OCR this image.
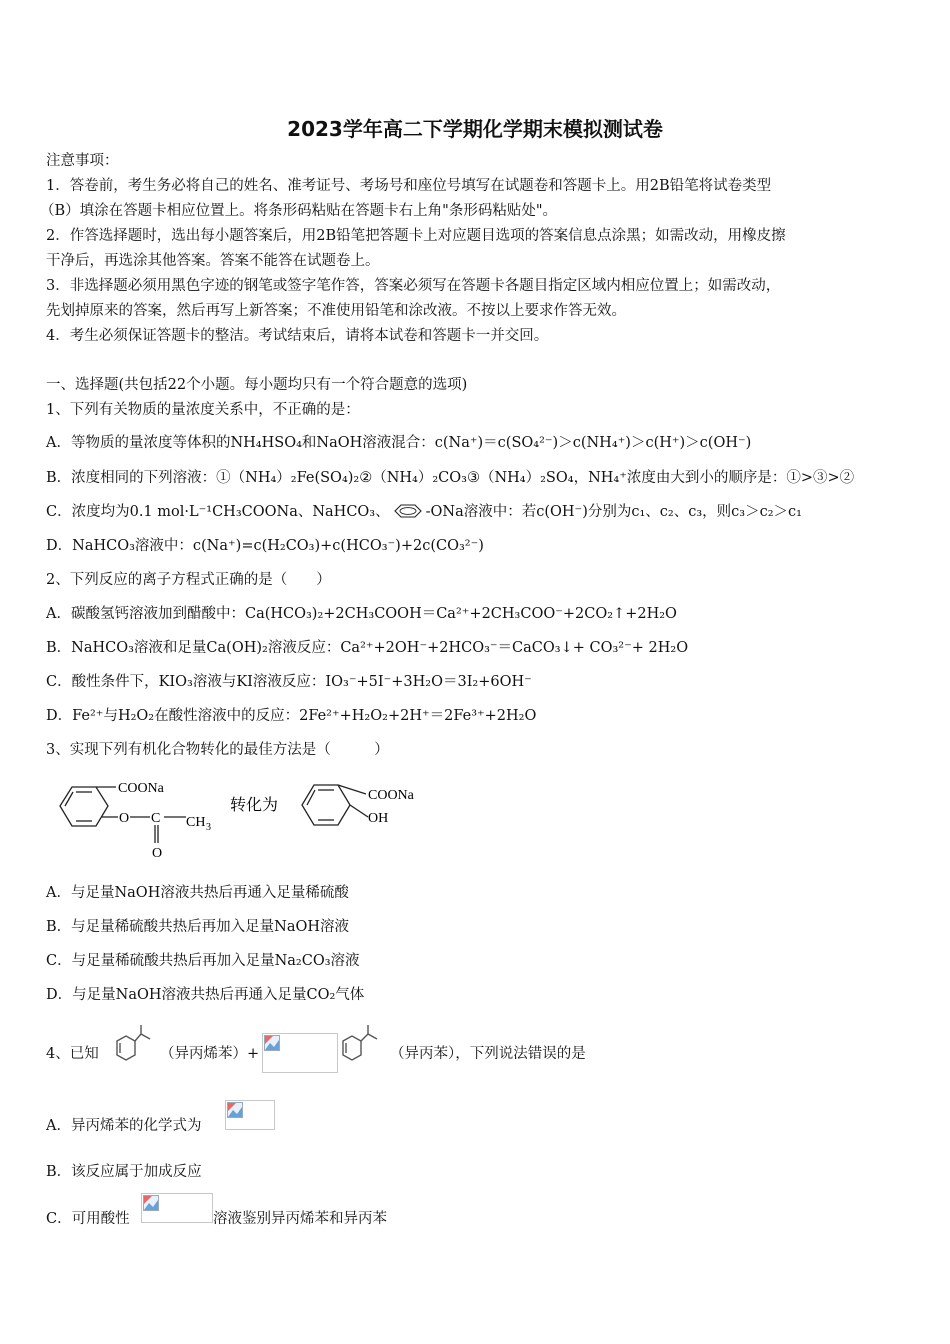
2023学年高二下学期化学期末模拟测试卷
注意事项：
1．答卷前，考生务必将自己的姓名、准考证号、考场号和座位号填写在试题卷和答题卡上。用2B铅笔将试卷类型
（B）填涂在答题卡相应位置上。将条形码粘贴在答题卡右上角"条形码粘贴处"。
2．作答选择题时，选出每小题答案后，用2B铅笔把答题卡上对应题目选项的答案信息点涂黑；如需改动，用橡皮擦
干净后，再选涂其他答案。答案不能答在试题卷上。
3．非选择题必须用黑色字迹的钢笔或签字笔作答，答案必须写在答题卡各题目指定区域内相应位置上；如需改动，
先划掉原来的答案，然后再写上新答案；不准使用铅笔和涂改液。不按以上要求作答无效。
4．考生必须保证答题卡的整洁。考试结束后，请将本试卷和答题卡一并交回。
一、选择题(共包括22个小题。每小题均只有一个符合题意的选项)
1、下列有关物质的量浓度关系中，不正确的是：
A．等物质的量浓度等体积的NH₄HSO₄和NaOH溶液混合：c(Na⁺)＝c(SO₄²⁻)＞c(NH₄⁺)＞c(H⁺)＞c(OH⁻)
B．浓度相同的下列溶液：①（NH₄）₂Fe(SO₄)₂②（NH₄）₂CO₃③（NH₄）₂SO₄，NH₄⁺浓度由大到小的顺序是：①>③>②
C．浓度均为0.1 mol·L⁻¹CH₃COONa、NaHCO₃、 -ONa溶液中：若c(OH⁻)分别为c₁、c₂、c₃，则c₃＞c₂＞c₁
D．NaHCO₃溶液中：c(Na⁺)=c(H₂CO₃)+c(HCO₃⁻)+2c(CO₃²⁻)
2、下列反应的离子方程式正确的是（　　）
A．碳酸氢钙溶液加到醋酸中：Ca(HCO₃)₂+2CH₃COOH＝Ca²⁺+2CH₃COO⁻+2CO₂↑+2H₂O
B．NaHCO₃溶液和足量Ca(OH)₂溶液反应：Ca²⁺+2OH⁻+2HCO₃⁻＝CaCO₃↓+ CO₃²⁻+ 2H₂O
C．酸性条件下，KIO₃溶液与KI溶液反应：IO₃⁻+5I⁻+3H₂O＝3I₂+6OH⁻
D．Fe²⁺与H₂O₂在酸性溶液中的反应：2Fe²⁺+H₂O₂+2H⁺＝2Fe³⁺+2H₂O
3、实现下列有机化合物转化的最佳方法是（　　　）
COONa
O C CH 3
O
转化为
COONa
OH
A．与足量NaOH溶液共热后再通入足量稀硫酸
B．与足量稀硫酸共热后再加入足量NaOH溶液
C．与足量稀硫酸共热后再加入足量Na₂CO₃溶液
D．与足量NaOH溶液共热后再通入足量CO₂气体
4、已知	（异丙烯苯）+	（异丙苯），下列说法错误的是
A．异丙烯苯的化学式为
B．该反应属于加成反应
C．可用酸性	溶液鉴别异丙烯苯和异丙苯
